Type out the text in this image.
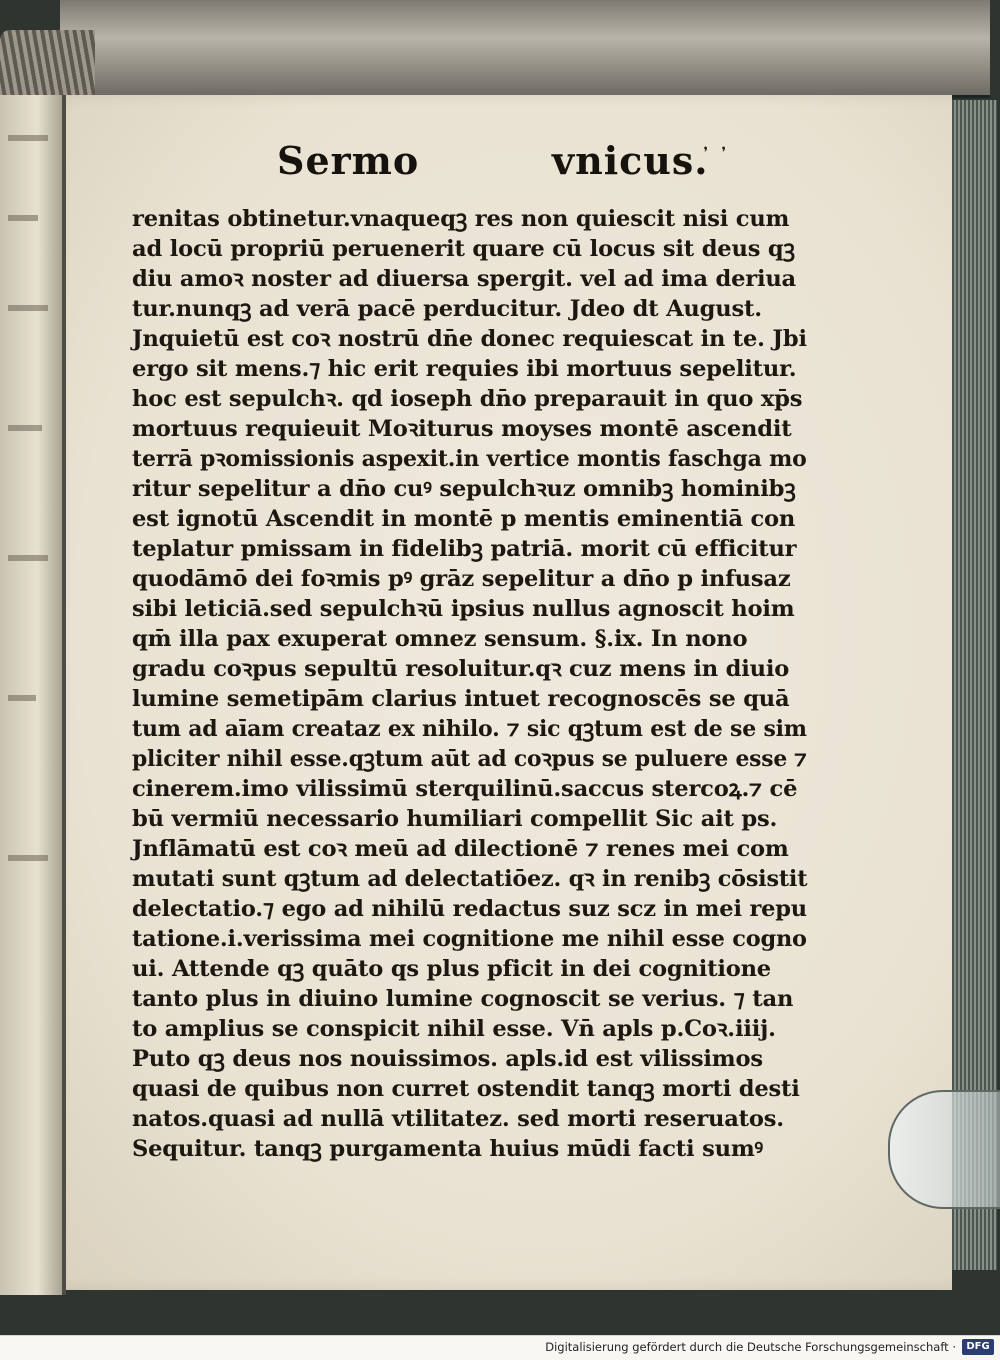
᾿ ᾿
Sermo	vnicus.
renitas obtinetur.vnaqueqꝫ res non quiescit nisi cum
ad locū propriū peruenerit quare cū locus sit deus qꝫ
diu amoꝛ noster ad diuersa spergit. vel ad ima deriua
tur.nunqꝫ ad verā pacē perducitur. Jdeo dt August.
Jnquietū est coꝛ nostrū dn̄e donec requiescat in te. Jbi
ergo sit mens.⁊ hic erit requies ibi mortuus sepelitur.
hoc est sepulchꝛ. qd ioseph dn̄o preparauit in quo xp̄s
mortuus requieuit Moꝛiturus moyses montē ascendit
terrā pꝛomissionis aspexit.in vertice montis faschga mo
ritur sepelitur a dn̄o cuꝰ sepulchꝛuz omnibꝫ hominibꝫ
est ignotū Ascendit in montē p mentis eminentiā con
teplatur pmissam in fidelibꝫ patriā. morit cū efficitur
quodāmō dei foꝛmis pꝰ grāz sepelitur a dn̄o p infusaz
sibi leticiā.sed sepulchꝛū ipsius nullus agnoscit hoim
qm̄ illa pax exuperat omnez sensum. §.ix. In nono
gradu coꝛpus sepultū resoluitur.qꝛ cuz mens in diuio
lumine semetipām clarius intuet recognoscēs se quā
tum ad aīam creataz ex nihilo. ⁊ sic qꝫtum est de se sim
pliciter nihil esse.qꝫtum aūt ad coꝛpus se puluere esse ⁊
cinerem.imo vilissimū sterquilinū.saccus stercoꝝ.⁊ cē
bū vermiū necessario humiliari compellit Sic ait ps.
Jnflāmatū est coꝛ meū ad dilectionē ⁊ renes mei com
mutati sunt qꝫtum ad delectatiōez. qꝛ in renibꝫ cōsistit
delectatio.⁊ ego ad nihilū redactus suz scz in mei repu
tatione.i.verissima mei cognitione me nihil esse cogno
ui. Attende qꝫ quāto qs plus pficit in dei cognitione
tanto plus in diuino lumine cognoscit se verius. ⁊ tan
to amplius se conspicit nihil esse. Vn̄ apls p.Coꝛ.iiij.
Puto qꝫ deus nos nouissimos. apls.id est vilissimos
quasi de quibus non curret ostendit tanqꝫ morti desti
natos.quasi ad nullā vtilitatez. sed morti reseruatos.
Sequitur. tanqꝫ purgamenta huius mūdi facti sumꝰ
Digitalisierung gefördert durch die Deutsche Forschungsgemeinschaft ·	DFG
